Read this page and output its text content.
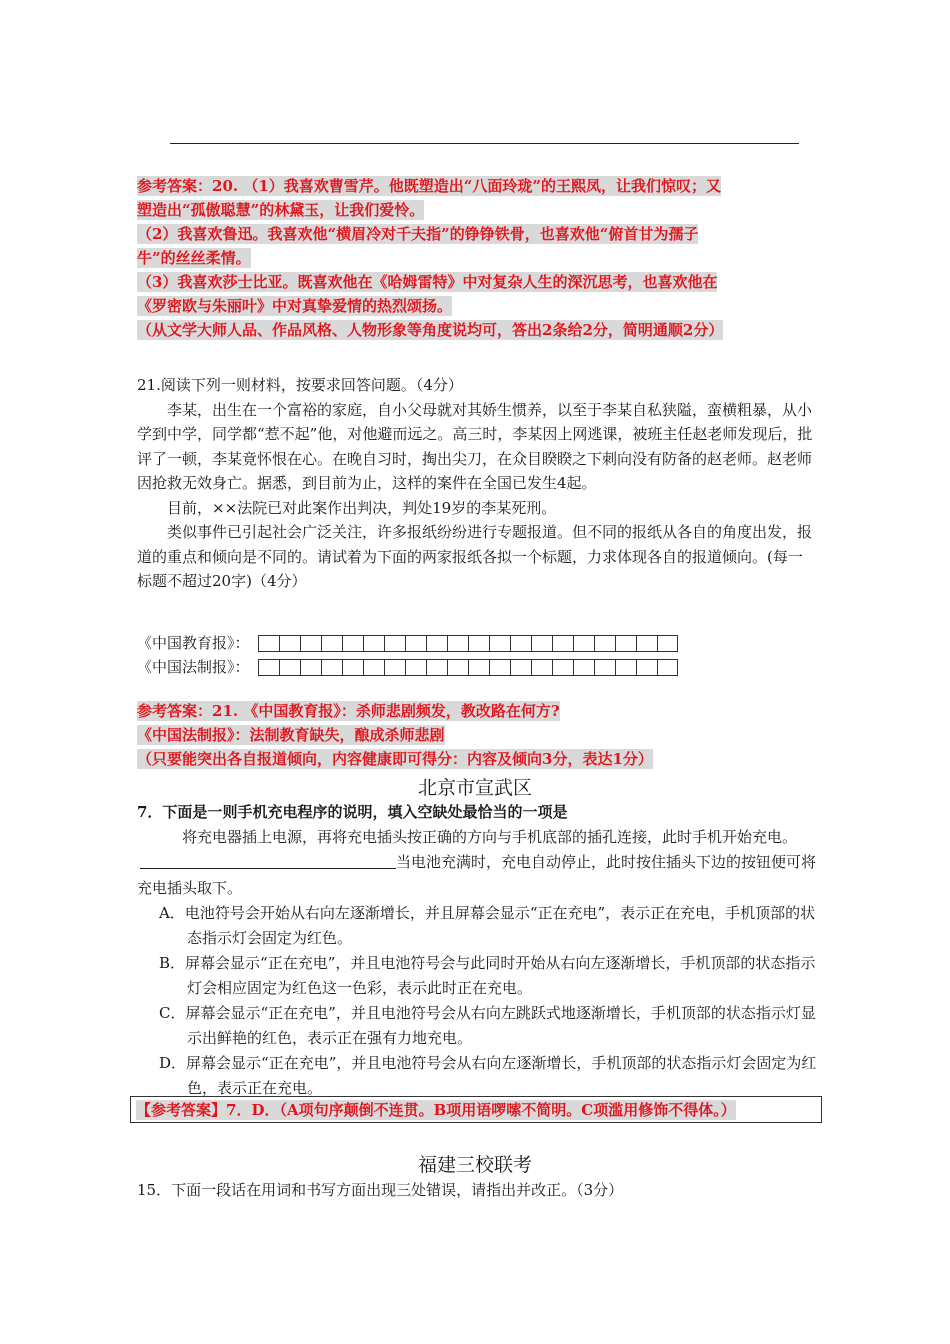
参考答案：20. （1）我喜欢曹雪芹。他既塑造出“八面玲珑”的王熙凤，让我们惊叹；又
塑造出“孤傲聪慧”的林黛玉，让我们爱怜。
（2）我喜欢鲁迅。我喜欢他“横眉冷对千夫指”的铮铮铁骨，也喜欢他“俯首甘为孺子
牛”的丝丝柔情。
（3）我喜欢莎士比亚。既喜欢他在《哈姆雷特》中对复杂人生的深沉思考，也喜欢他在
《罗密欧与朱丽叶》中对真挚爱情的热烈颂扬。
（从文学大师人品、作品风格、人物形象等角度说均可，答出2条给2分，简明通顺2分）

21.阅读下列一则材料，按要求回答问题。（4分）

李某，出生在一个富裕的家庭，自小父母就对其娇生惯养，以至于李某自私狭隘，蛮横粗暴，从小学到中学，同学都“惹不起”他，对他避而远之。高三时，李某因上网逃课，被班主任赵老师发现后，批评了一顿，李某竟怀恨在心。在晚自习时，掏出尖刀，在众目睽睽之下刺向没有防备的赵老师。赵老师因抢救无效身亡。据悉，到目前为止，这样的案件在全国已发生4起。

目前，××法院已对此案作出判决，判处19岁的李某死刑。

类似事件已引起社会广泛关注，许多报纸纷纷进行专题报道。但不同的报纸从各自的角度出发，报道的重点和倾向是不同的。请试着为下面的两家报纸各拟一个标题，力求体现各自的报道倾向。(每一标题不超过20字)（4分）

《中国教育报》：
《中国法制报》：
参考答案：21. 《中国教育报》：杀师悲剧频发，教改路在何方?
《中国法制报》：法制教育缺失，酿成杀师悲剧
（只要能突出各自报道倾向，内容健康即可得分：内容及倾向3分，表达1分）
北京市宣武区

7．下面是一则手机充电程序的说明，填入空缺处最恰当的一项是

将充电器插上电源，再将充电插头按正确的方向与手机底部的插孔连接，此时手机开始充电。当电池充满时，充电自动停止，此时按住插头下边的按钮便可将充电插头取下。

A．电池符号会开始从右向左逐渐增长，并且屏幕会显示“正在充电”，表示正在充电，手机顶部的状态指示灯会固定为红色。

B．屏幕会显示“正在充电”，并且电池符号会与此同时开始从右向左逐渐增长，手机顶部的状态指示灯会相应固定为红色这一色彩，表示此时正在充电。

C．屏幕会显示“正在充电”，并且电池符号会从右向左跳跃式地逐渐增长，手机顶部的状态指示灯显示出鲜艳的红色，表示正在强有力地充电。

D．屏幕会显示“正在充电”，并且电池符号会从右向左逐渐增长，手机顶部的状态指示灯会固定为红色，表示正在充电。

【参考答案】7．D．（A项句序颠倒不连贯。B项用语啰嗦不简明。C项滥用修饰不得体。）
福建三校联考

15．下面一段话在用词和书写方面出现三处错误，请指出并改正。（3分）
